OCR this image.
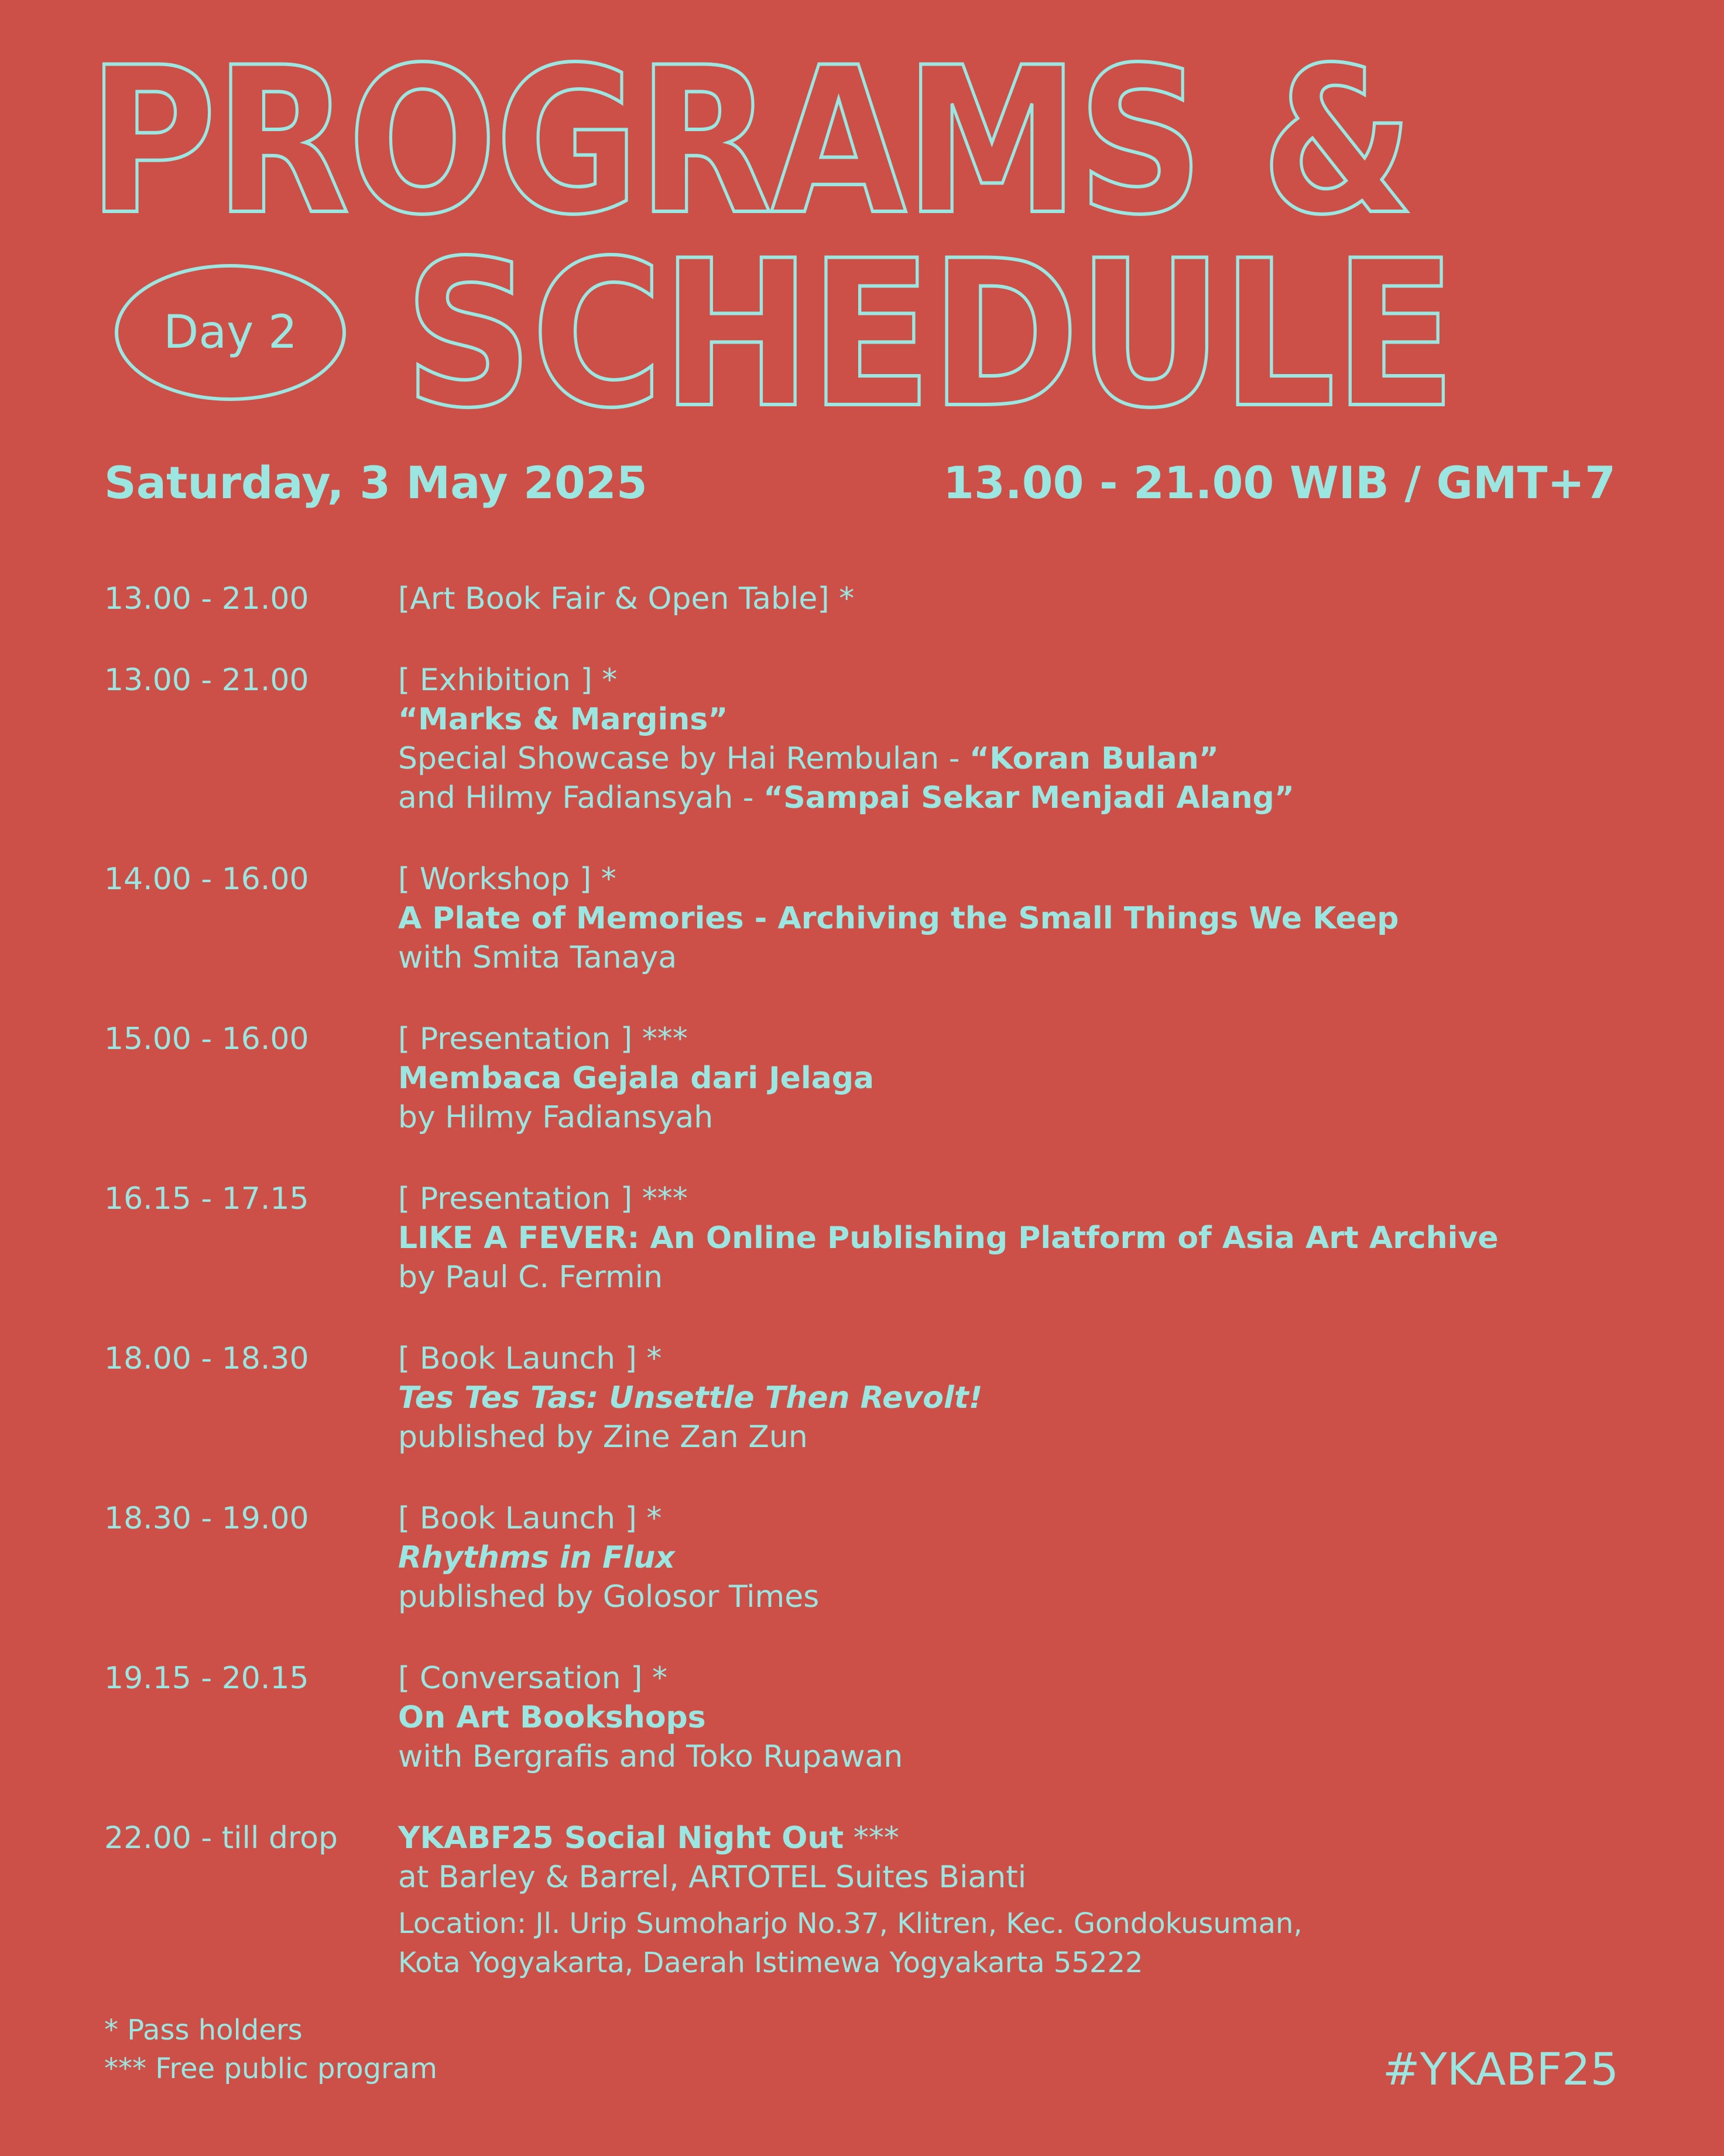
PROGRAMS &
Day 2 SCHEDULE
Saturday, 3 May 2025	13.00 - 21.00 WIB / GMT+7
13.00 - 21.00	[Art Book Fair & Open Table] *
13.00 - 21.00	[ Exhibition ] *
“Marks & Margins”
Special Showcase by Hai Rembulan - “Koran Bulan”
and Hilmy Fadiansyah - “Sampai Sekar Menjadi Alang”
14.00 - 16.00	[ Workshop ] *
A Plate of Memories - Archiving the Small Things We Keep
with Smita Tanaya
15.00 - 16.00	[ Presentation ] ***
Membaca Gejala dari Jelaga
by Hilmy Fadiansyah
16.15 - 17.15	[ Presentation ] ***
LIKE A FEVER: An Online Publishing Platform of Asia Art Archive
by Paul C. Fermin
18.00 - 18.30	[ Book Launch ] *
Tes Tes Tas: Unsettle Then Revolt!
published by Zine Zan Zun
18.30 - 19.00	[ Book Launch ] *
Rhythms in Flux
published by Golosor Times
19.15 - 20.15	[ Conversation ] *
On Art Bookshops
with Bergrafis and Toko Rupawan
22.00 - till drop	YKABF25 Social Night Out ***
at Barley & Barrel, ARTOTEL Suites Bianti
Location: Jl. Urip Sumoharjo No.37, Klitren, Kec. Gondokusuman,
Kota Yogyakarta, Daerah Istimewa Yogyakarta 55222
* Pass holders
*** Free public program	#YKABF25
